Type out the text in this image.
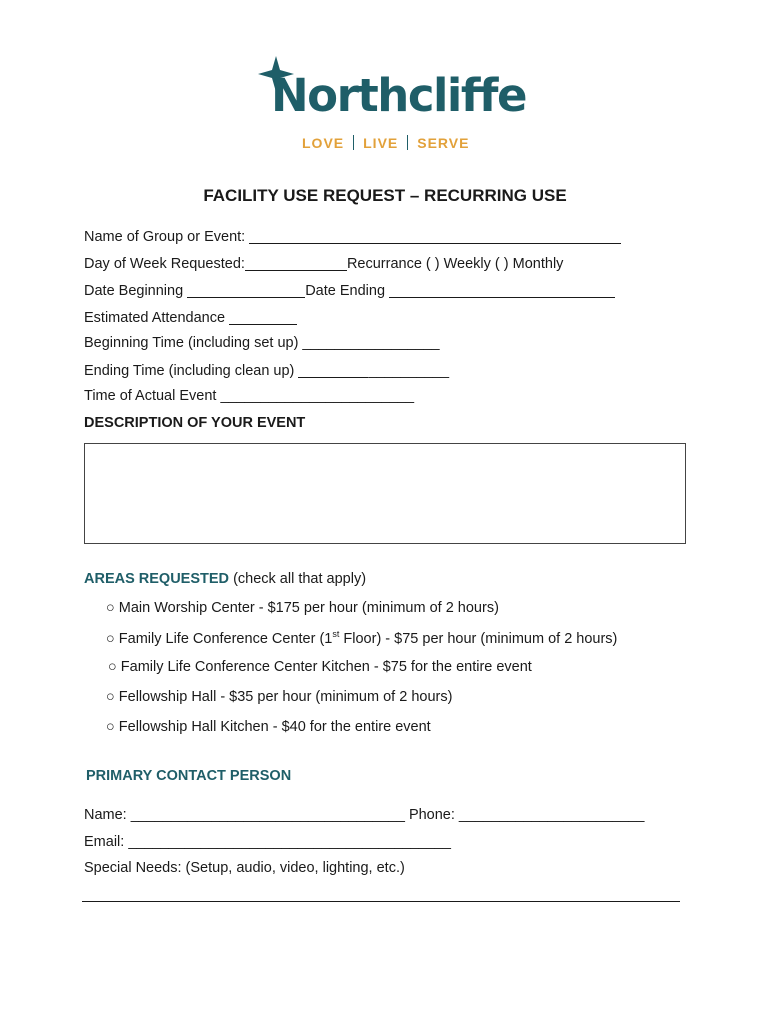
Northcliffe
LOVE LIVE SERVE
FACILITY USE REQUEST – RECURRING USE
Name of Group or Event:
Day of Week Requested:	Recurrance ( ) Weekly ( ) Monthly
Date Beginning	Date Ending
Estimated Attendance
Beginning Time (including set up) _________________
Ending Time (including clean up)	__________
Time of Actual Event ________________________
DESCRIPTION OF YOUR EVENT
AREAS REQUESTED (check all that apply)
○ Main Worship Center - $175 per hour (minimum of 2 hours)
○ Family Life Conference Center (1st Floor) - $75 per hour (minimum of 2 hours)
○ Family Life Conference Center Kitchen - $75 for the entire event
○ Fellowship Hall - $35 per hour (minimum of 2 hours)
○ Fellowship Hall Kitchen - $40 for the entire event
PRIMARY CONTACT PERSON
Name: __________________________________ Phone: _______________________
Email: ________________________________________
Special Needs: (Setup, audio, video, lighting, etc.)
